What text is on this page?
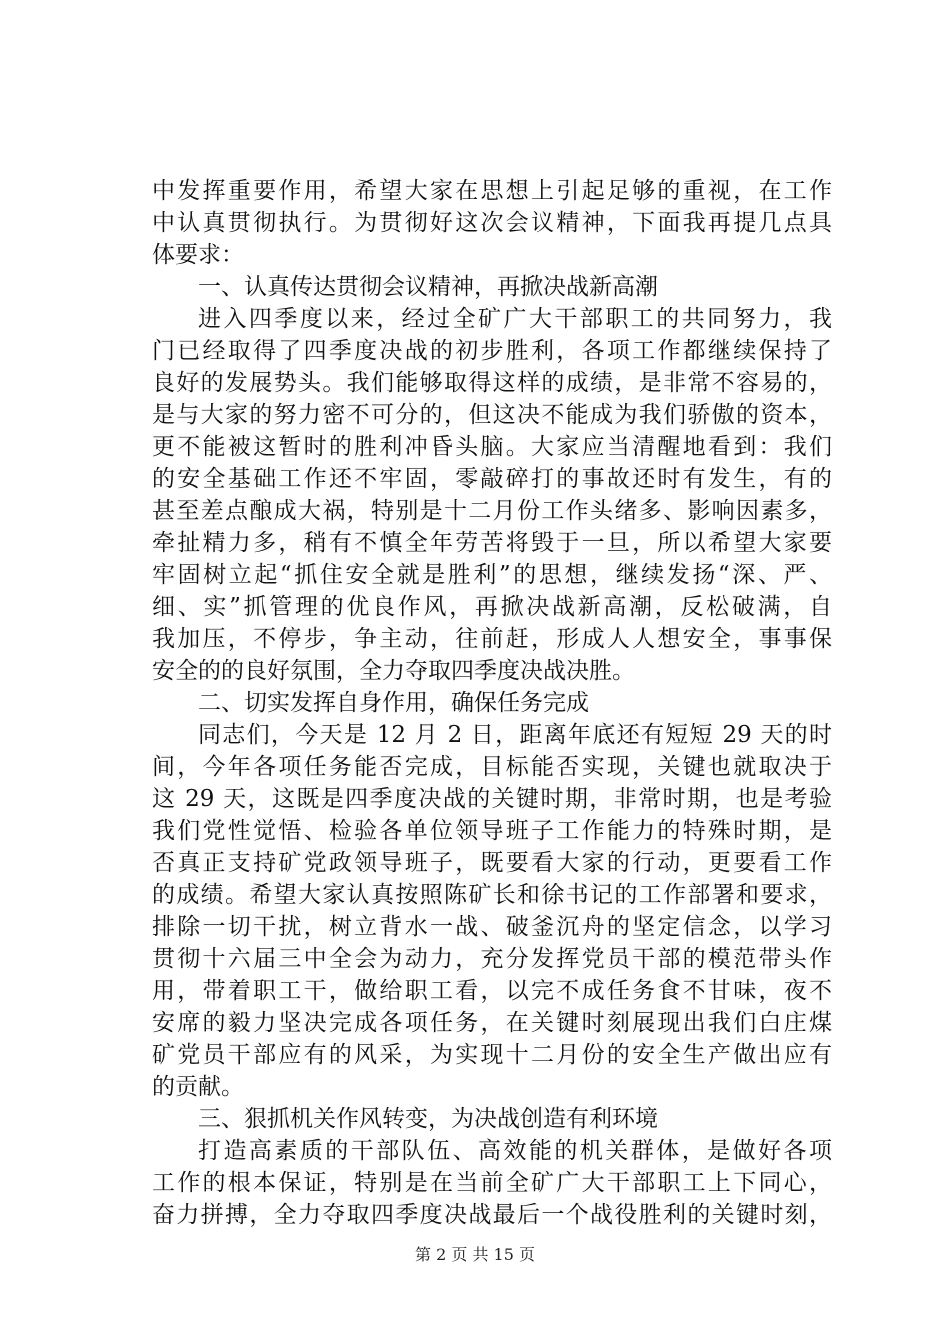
中发挥重要作用，希望大家在思想上引起足够的重视，在工作
中认真贯彻执行。为贯彻好这次会议精神，下面我再提几点具
体要求：
一、认真传达贯彻会议精神，再掀决战新高潮
进入四季度以来，经过全矿广大干部职工的共同努力，我
门已经取得了四季度决战的初步胜利，各项工作都继续保持了
良好的发展势头。我们能够取得这样的成绩，是非常不容易的，
是与大家的努力密不可分的，但这决不能成为我们骄傲的资本，
更不能被这暂时的胜利冲昏头脑。大家应当清醒地看到：我们
的安全基础工作还不牢固，零敲碎打的事故还时有发生，有的
甚至差点酿成大祸，特别是十二月份工作头绪多、影响因素多，
牵扯精力多，稍有不慎全年劳苦将毁于一旦，所以希望大家要
牢固树立起“抓住安全就是胜利”的思想，继续发扬“深、严、
细、实”抓管理的优良作风，再掀决战新高潮，反松破满，自
我加压，不停步，争主动，往前赶，形成人人想安全，事事保
安全的的良好氛围，全力夺取四季度决战决胜。
二、切实发挥自身作用，确保任务完成
同志们，今天是 12 月 2 日，距离年底还有短短 29 天的时
间，今年各项任务能否完成，目标能否实现，关键也就取决于
这 29 天，这既是四季度决战的关键时期，非常时期，也是考验
我们党性觉悟、检验各单位领导班子工作能力的特殊时期，是
否真正支持矿党政领导班子，既要看大家的行动，更要看工作
的成绩。希望大家认真按照陈矿长和徐书记的工作部署和要求，
排除一切干扰，树立背水一战、破釜沉舟的坚定信念，以学习
贯彻十六届三中全会为动力，充分发挥党员干部的模范带头作
用，带着职工干，做给职工看，以完不成任务食不甘味，夜不
安席的毅力坚决完成各项任务，在关键时刻展现出我们白庄煤
矿党员干部应有的风采，为实现十二月份的安全生产做出应有
的贡献。
三、狠抓机关作风转变，为决战创造有利环境
打造高素质的干部队伍、高效能的机关群体，是做好各项
工作的根本保证，特别是在当前全矿广大干部职工上下同心，
奋力拼搏，全力夺取四季度决战最后一个战役胜利的关键时刻，
第 2 页 共 15 页
